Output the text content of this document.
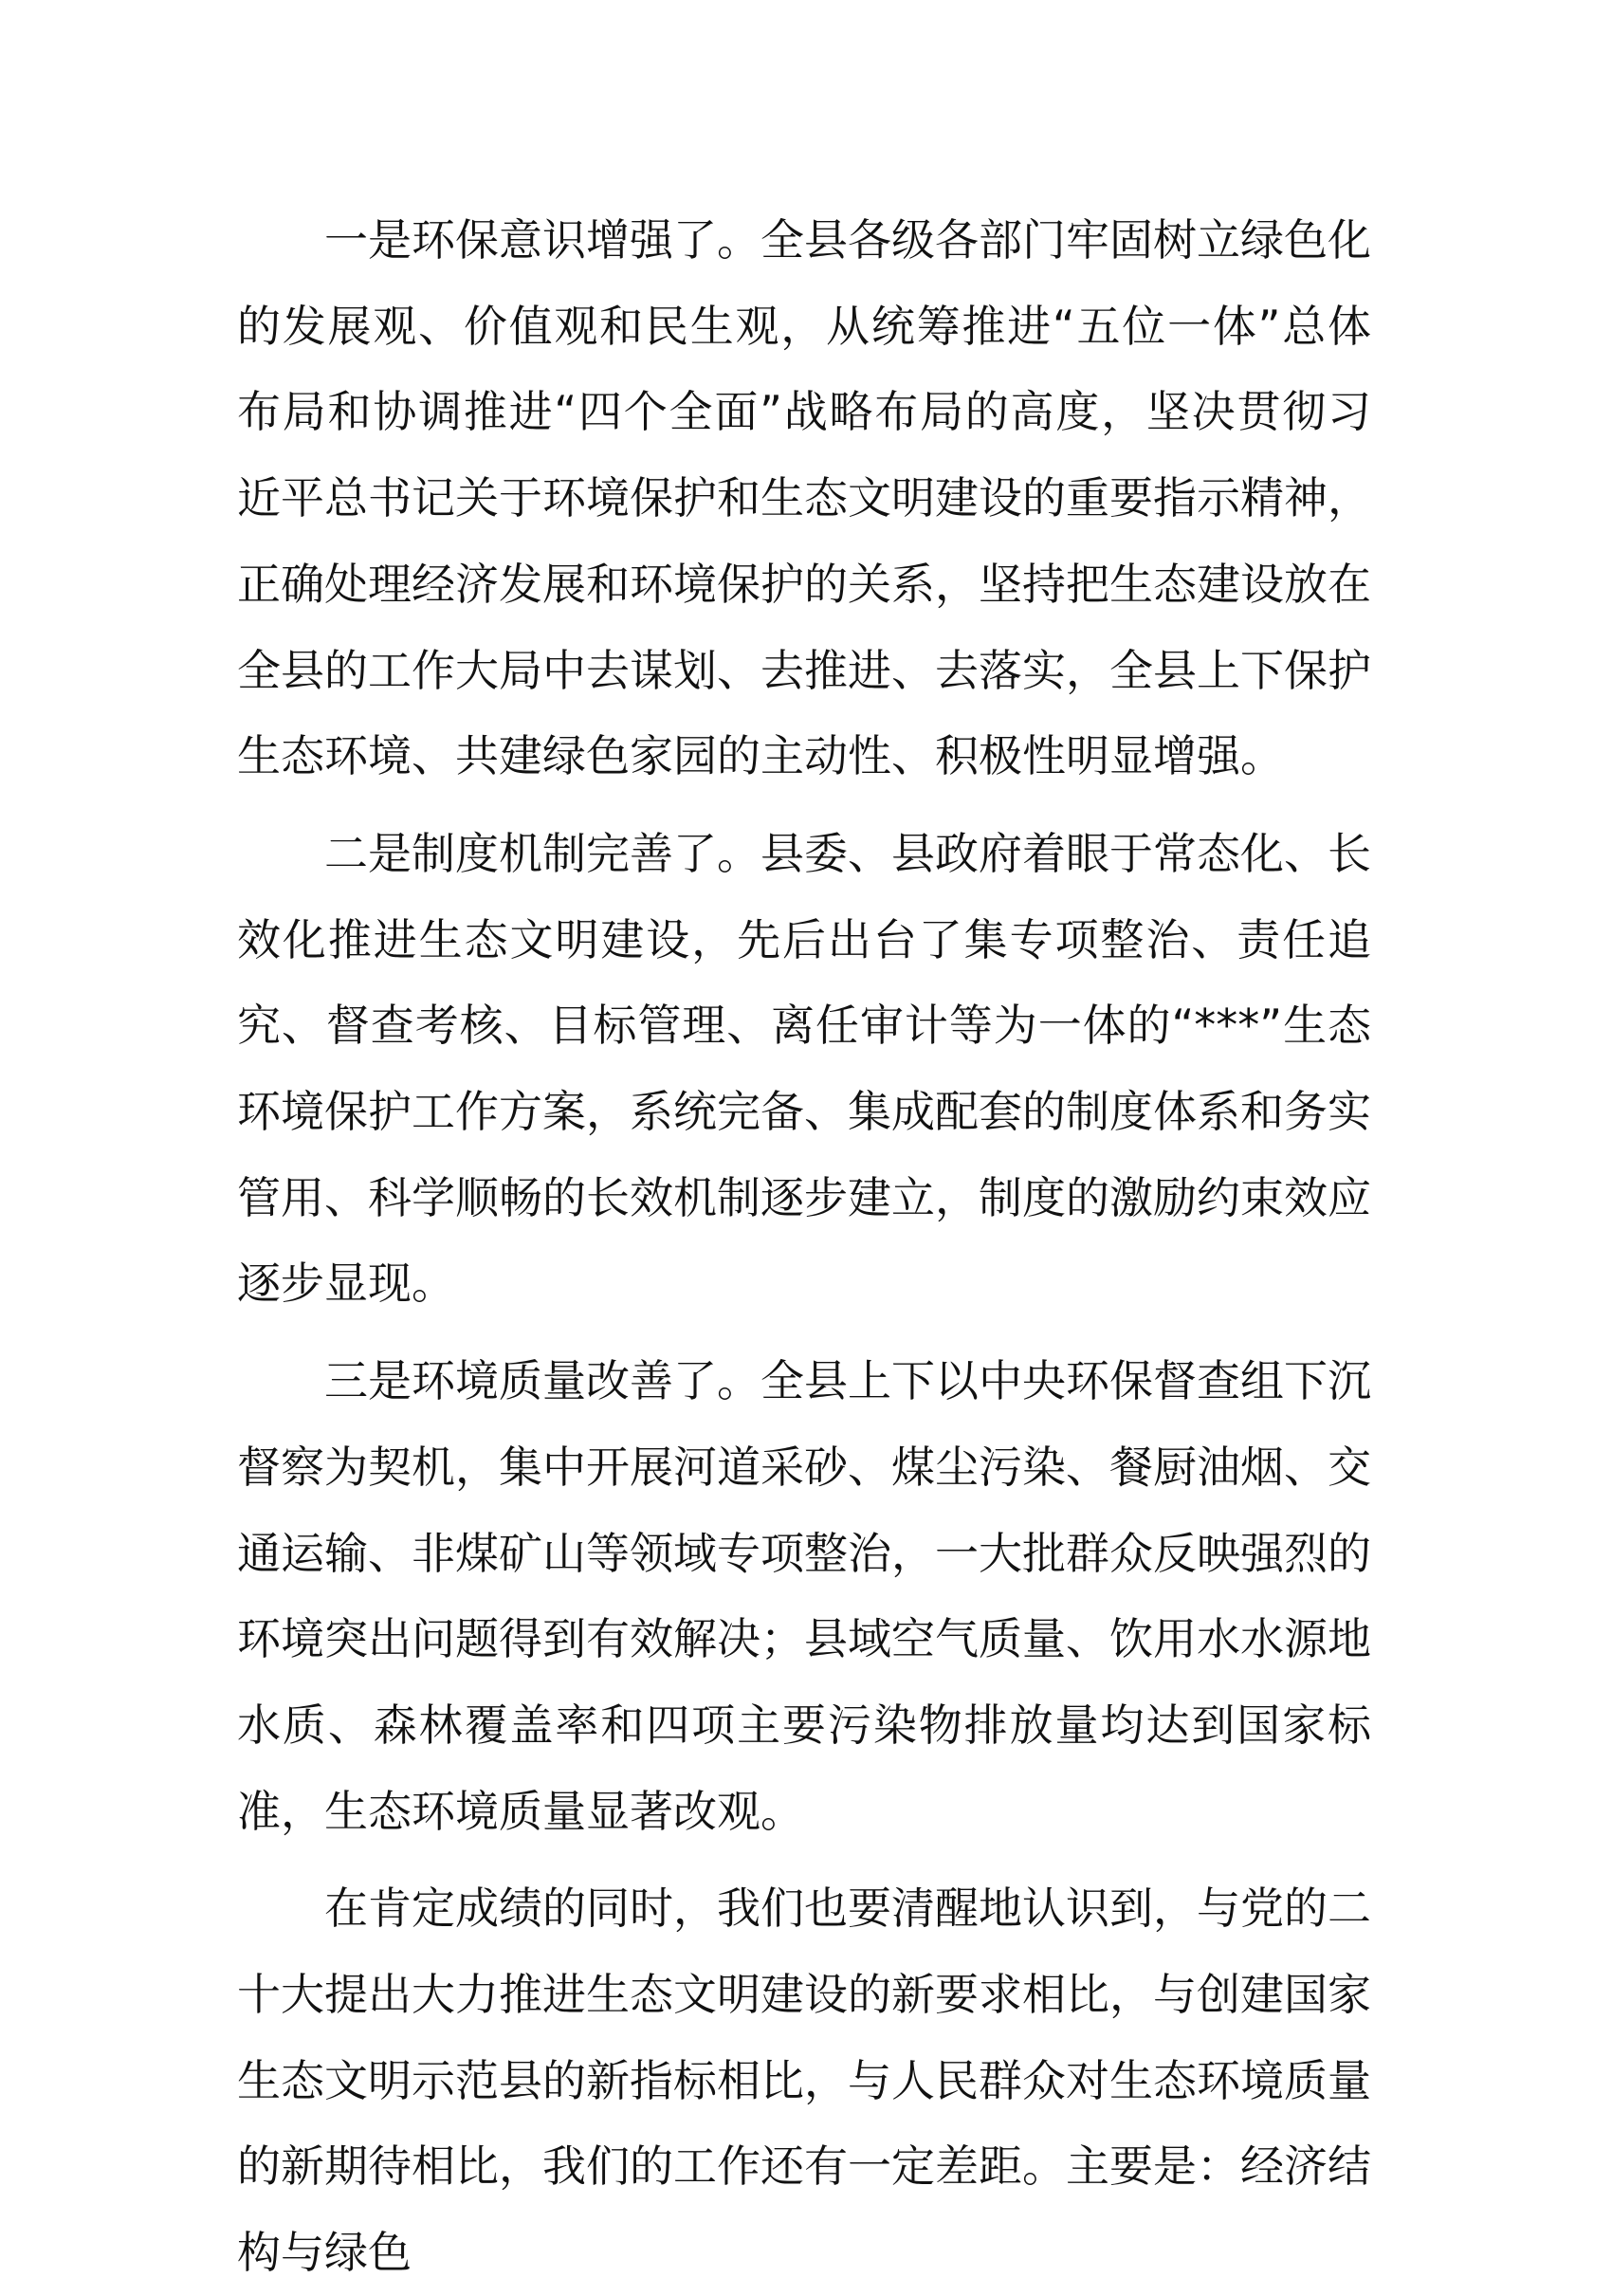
一是环保意识增强了。全县各级各部门牢固树立绿色化的发展观、价值观和民生观，从统筹推进“五位一体”总体布局和协调推进“四个全面”战略布局的高度，坚决贯彻习近平总书记关于环境保护和生态文明建设的重要指示精神，正确处理经济发展和环境保护的关系，坚持把生态建设放在全县的工作大局中去谋划、去推进、去落实，全县上下保护生态环境、共建绿色家园的主动性、积极性明显增强。

二是制度机制完善了。县委、县政府着眼于常态化、长效化推进生态文明建设，先后出台了集专项整治、责任追究、督查考核、目标管理、离任审计等为一体的“***”生态环境保护工作方案，系统完备、集成配套的制度体系和务实管用、科学顺畅的长效机制逐步建立，制度的激励约束效应逐步显现。

三是环境质量改善了。全县上下以中央环保督查组下沉督察为契机，集中开展河道采砂、煤尘污染、餐厨油烟、交通运输、非煤矿山等领域专项整治，一大批群众反映强烈的环境突出问题得到有效解决；县域空气质量、饮用水水源地水质、森林覆盖率和四项主要污染物排放量均达到国家标准，生态环境质量显著改观。

在肯定成绩的同时，我们也要清醒地认识到，与党的二十大提出大力推进生态文明建设的新要求相比，与创建国家生态文明示范县的新指标相比，与人民群众对生态环境质量的新期待相比，我们的工作还有一定差距。主要是：经济结构与绿色
